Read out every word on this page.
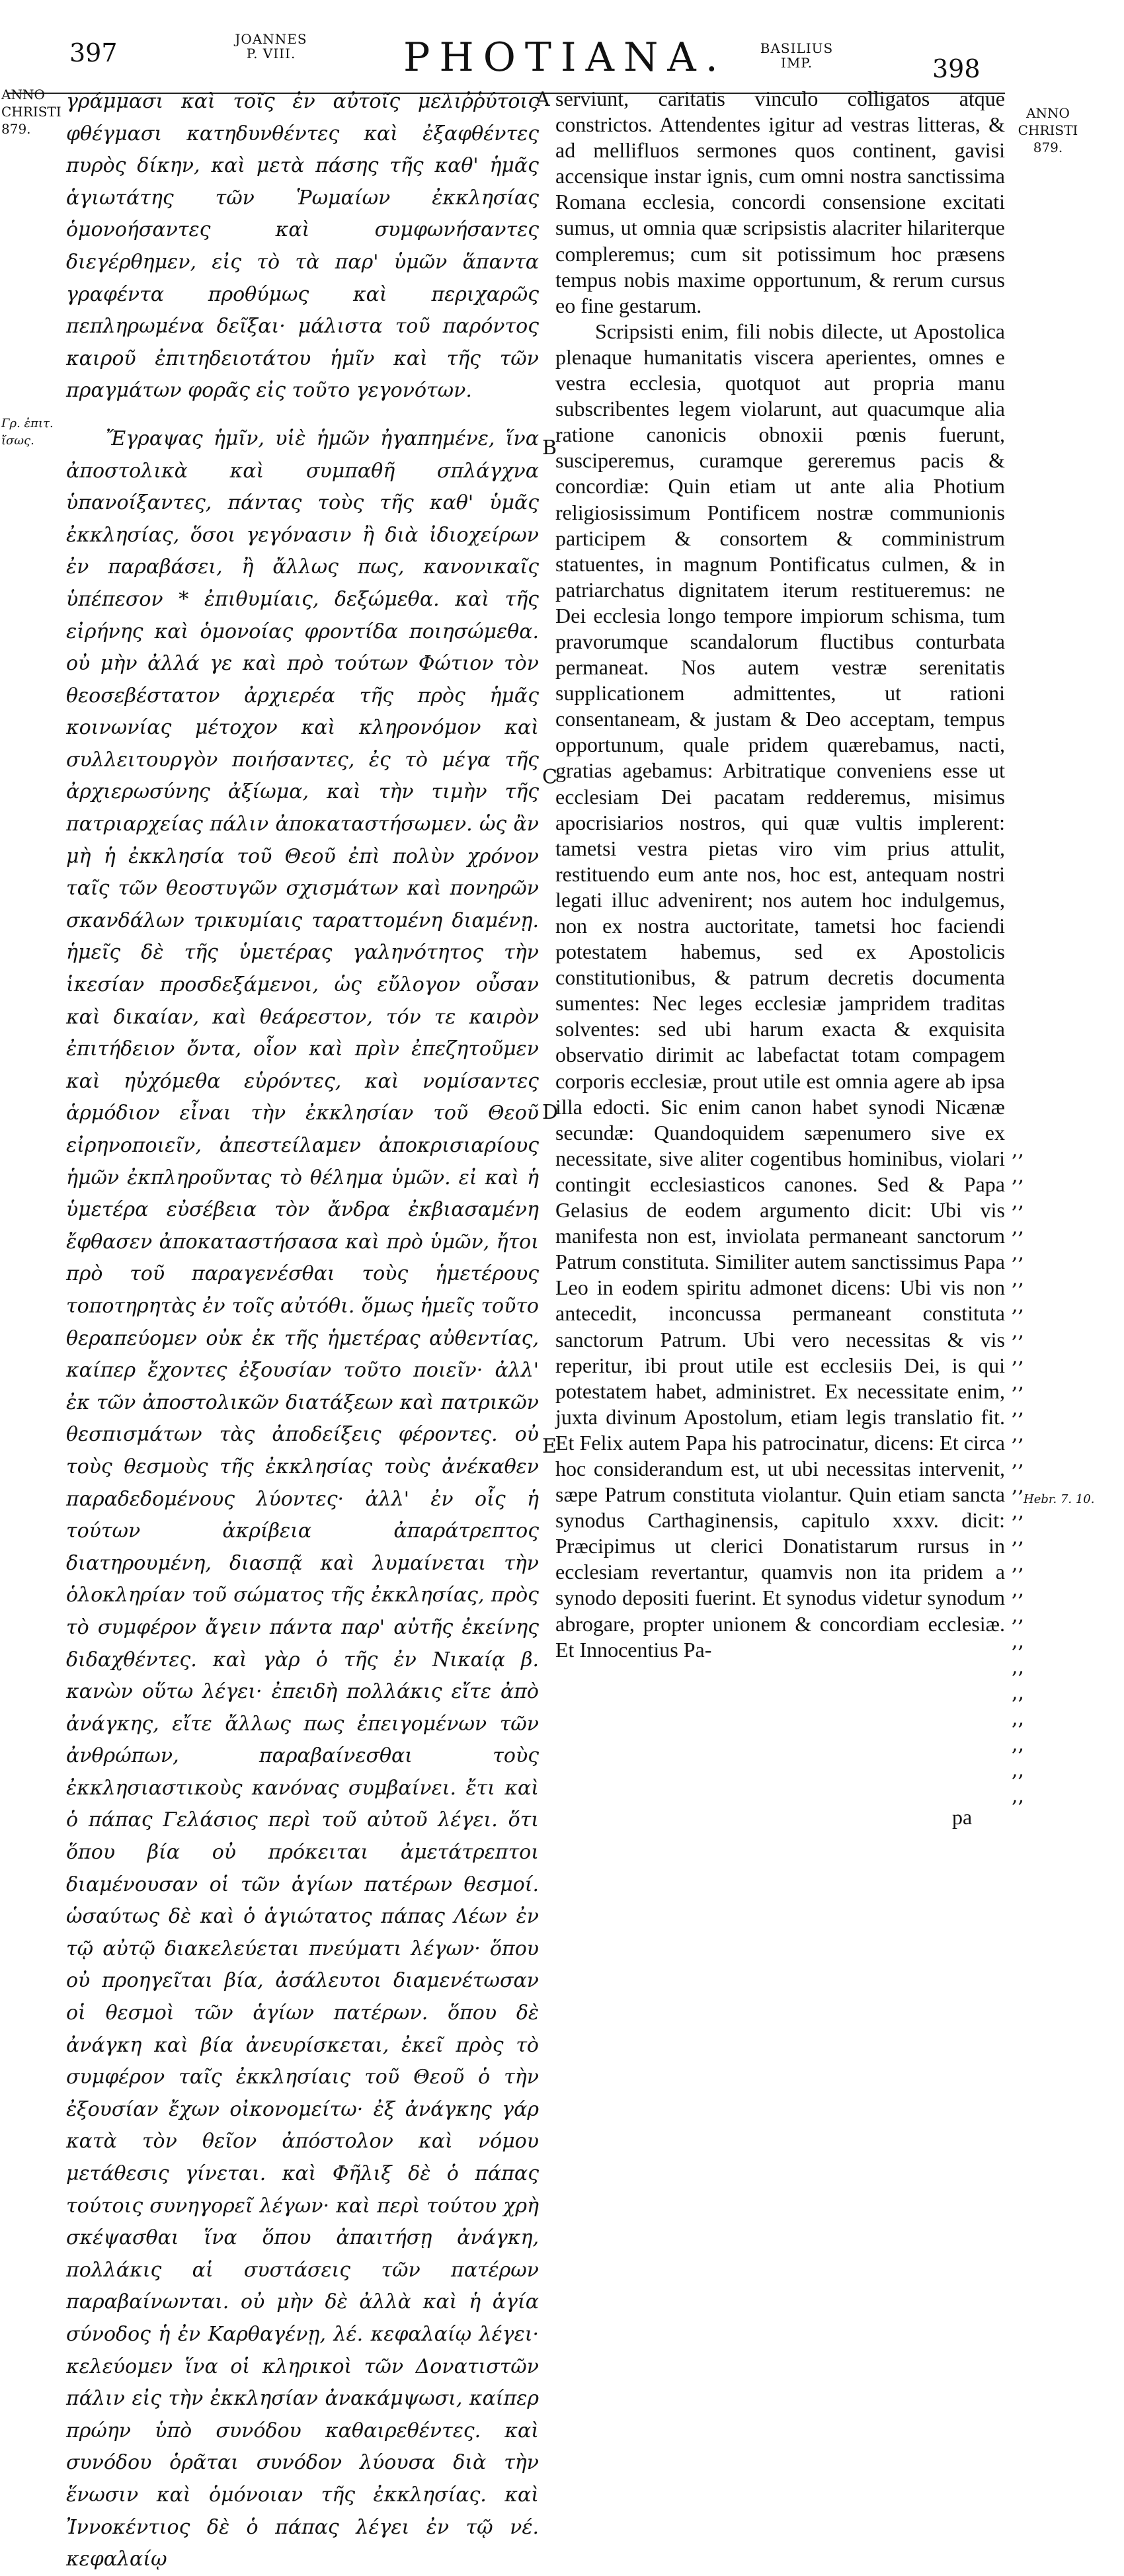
397	JOANNES
P. VIII.	PHOTIANA.	BASILIUS
IMP.	398
ANNO
CHRISTI
879.
Γρ. ἐπιτ.
ἴσως.
ANNO
CHRISTI
879.
Hebr. 7. 10.
A
B
C
D
E

γράμμασι καὶ τοῖς ἐν αὐτοῖς μελιῤῥύτοις φθέγμασι κατηδυνθέντες καὶ ἐξαφθέντες πυρὸς δίκην, καὶ μετὰ πάσης τῆς καθ' ἡμᾶς ἁγιωτάτης τῶν Ῥωμαίων ἐκκλησίας ὁμονοήσαντες καὶ συμφωνήσαντες διεγέρθημεν, εἰς τὸ τὰ παρ' ὑμῶν ἅπαντα γραφέντα προθύμως καὶ περιχαρῶς πεπληρωμένα δεῖξαι· μάλιστα τοῦ παρόντος καιροῦ ἐπιτηδειοτάτου ἡμῖν καὶ τῆς τῶν πραγμάτων φορᾶς εἰς τοῦτο γεγονότων.

Ἔγραψας ἡμῖν, υἱὲ ἡμῶν ἠγαπημένε, ἵνα ἀποστολικὰ καὶ συμπαθῆ σπλάγχνα ὑπανοίξαντες, πάντας τοὺς τῆς καθ' ὑμᾶς ἐκκλησίας, ὅσοι γεγόνασιν ἢ διὰ ἰδιοχείρων ἐν παραβάσει, ἢ ἄλλως πως, κανονικαῖς ὑπέπεσον * ἐπιθυμίαις, δεξώμεθα. καὶ τῆς εἰρήνης καὶ ὁμονοίας φροντίδα ποιησώμεθα. οὐ μὴν ἀλλά γε καὶ πρὸ τούτων Φώτιον τὸν θεοσεβέστατον ἀρχιερέα τῆς πρὸς ἡμᾶς κοινωνίας μέτοχον καὶ κληρονόμον καὶ συλλειτουργὸν ποιήσαντες, ἐς τὸ μέγα τῆς ἀρχιερωσύνης ἀξίωμα, καὶ τὴν τιμὴν τῆς πατριαρχείας πάλιν ἀποκαταστήσωμεν. ὡς ἂν μὴ ἡ ἐκκλησία τοῦ Θεοῦ ἐπὶ πολὺν χρόνον ταῖς τῶν θεοστυγῶν σχισμάτων καὶ πονηρῶν σκανδάλων τρικυμίαις ταραττομένη διαμένῃ. ἡμεῖς δὲ τῆς ὑμετέρας γαληνότητος τὴν ἱκεσίαν προσδεξάμενοι, ὡς εὔλογον οὖσαν καὶ δικαίαν, καὶ θεάρεστον, τόν τε καιρὸν ἐπιτήδειον ὄντα, οἷον καὶ πρὶν ἐπεζητοῦμεν καὶ ηὐχόμεθα εὑρόντες, καὶ νομίσαντες ἁρμόδιον εἶναι τὴν ἐκκλησίαν τοῦ Θεοῦ εἰρηνοποιεῖν, ἀπεστείλαμεν ἀποκρισιαρίους ἡμῶν ἐκπληροῦντας τὸ θέλημα ὑμῶν. εἰ καὶ ἡ ὑμετέρα εὐσέβεια τὸν ἄνδρα ἐκβιασαμένη ἔφθασεν ἀποκαταστήσασα καὶ πρὸ ὑμῶν, ἤτοι πρὸ τοῦ παραγενέσθαι τοὺς ἡμετέρους τοποτηρητὰς ἐν τοῖς αὐτόθι. ὅμως ἡμεῖς τοῦτο θεραπεύομεν οὐκ ἐκ τῆς ἡμετέρας αὐθεντίας, καίπερ ἔχοντες ἐξουσίαν τοῦτο ποιεῖν· ἀλλ' ἐκ τῶν ἀποστολικῶν διατάξεων καὶ πατρικῶν θεσπισμάτων τὰς ἀποδείξεις φέροντες. οὐ τοὺς θεσμοὺς τῆς ἐκκλησίας τοὺς ἀνέκαθεν παραδεδομένους λύοντες· ἀλλ' ἐν οἷς ἡ τούτων ἀκρίβεια ἀπαράτρεπτος διατηρουμένη, διασπᾷ καὶ λυμαίνεται τὴν ὁλοκληρίαν τοῦ σώματος τῆς ἐκκλησίας, πρὸς τὸ συμφέρον ἄγειν πάντα παρ' αὐτῆς ἐκείνης διδαχθέντες. καὶ γὰρ ὁ τῆς ἐν Νικαίᾳ β. κανὼν οὕτω λέγει· ἐπειδὴ πολλάκις εἴτε ἀπὸ ἀνάγκης, εἴτε ἄλλως πως ἐπειγομένων τῶν ἀνθρώπων, παραβαίνεσθαι τοὺς ἐκκλησιαστικοὺς κανόνας συμβαίνει. ἔτι καὶ ὁ πάπας Γελάσιος περὶ τοῦ αὐτοῦ λέγει. ὅτι ὅπου βία οὐ πρόκειται ἀμετάτρεπτοι διαμένουσαν οἱ τῶν ἁγίων πατέρων θεσμοί. ὡσαύτως δὲ καὶ ὁ ἁγιώτατος πάπας Λέων ἐν τῷ αὐτῷ διακελεύεται πνεύματι λέγων· ὅπου οὐ προηγεῖται βία, ἀσάλευτοι διαμενέτωσαν οἱ θεσμοὶ τῶν ἁγίων πατέρων. ὅπου δὲ ἀνάγκη καὶ βία ἀνευρίσκεται, ἐκεῖ πρὸς τὸ συμφέρον ταῖς ἐκκλησίαις τοῦ Θεοῦ ὁ τὴν ἐξουσίαν ἔχων οἰκονομείτω· ἐξ ἀνάγκης γάρ κατὰ τὸν θεῖον ἀπόστολον καὶ νόμου μετάθεσις γίνεται. καὶ Φῆλιξ δὲ ὁ πάπας τούτοις συνηγορεῖ λέγων· καὶ περὶ τούτου χρὴ σκέψασθαι ἵνα ὅπου ἀπαιτήσῃ ἀνάγκη, πολλάκις αἱ συστάσεις τῶν πατέρων παραβαίνωνται. οὐ μὴν δὲ ἀλλὰ καὶ ἡ ἁγία σύνοδος ἡ ἐν Καρθαγένῃ, λέ. κεφαλαίῳ λέγει· κελεύομεν ἵνα οἱ κληρικοὶ τῶν Δονατιστῶν πάλιν εἰς τὴν ἐκκλησίαν ἀνακάμψωσι, καίπερ πρώην ὑπὸ συνόδου καθαιρεθέντες. καὶ συνόδου ὁρᾶται συνόδον λύουσα διὰ τὴν ἕνωσιν καὶ ὁμόνοιαν τῆς ἐκκλησίας. καὶ Ἰννοκέντιος δὲ ὁ πάπας λέγει ἐν τῷ νέ. κεφαλαίῳ

serviunt, caritatis vinculo colligatos atque constrictos. Attendentes igitur ad vestras litteras, & ad mellifluos sermones quos continent, gavisi accensique instar ignis, cum omni nostra sanctissima Romana ecclesia, concordi consensione excitati sumus, ut omnia quæ scripsistis alacriter hilariterque compleremus; cum sit potissimum hoc præsens tempus nobis maxime opportunum, & rerum cursus eo fine gestarum.

Scripsisti enim, fili nobis dilecte, ut Apostolica plenaque humanitatis viscera aperientes, omnes e vestra ecclesia, quotquot aut propria manu subscribentes legem violarunt, aut quacumque alia ratione canonicis obnoxii pœnis fuerunt, susciperemus, curamque gereremus pacis & concordiæ: Quin etiam ut ante alia Photium religiosissimum Pontificem nostræ communionis participem & consortem & comministrum statuentes, in magnum Pontificatus culmen, & in patriarchatus dignitatem iterum restitueremus: ne Dei ecclesia longo tempore impiorum schisma, tum pravorumque scandalorum fluctibus conturbata permaneat. Nos autem vestræ serenitatis supplicationem admittentes, ut rationi consentaneam, & justam & Deo acceptam, tempus opportunum, quale pridem quærebamus, nacti, gratias agebamus: Arbitratique conveniens esse ut ecclesiam Dei pacatam redderemus, misimus apocrisiarios nostros, qui quæ vultis implerent: tametsi vestra pietas viro vim prius attulit, restituendo eum ante nos, hoc est, antequam nostri legati illuc advenirent; nos autem hoc indulgemus, non ex nostra auctoritate, tametsi hoc faciendi potestatem habemus, sed ex Apostolicis constitutionibus, & patrum decretis documenta sumentes: Nec leges ecclesiæ jampridem traditas solventes: sed ubi harum exacta & exquisita observatio dirimit ac labefactat totam compagem corporis ecclesiæ, prout utile est omnia agere ab ipsa illa edocti. Sic enim canon habet synodi Nicænæ secundæ: Quandoquidem sæpenumero sive ex necessitate, sive aliter cogentibus hominibus, violari contingit ecclesiasticos canones. Sed & Papa Gelasius de eodem argumento dicit: Ubi vis manifesta non est, inviolata permaneant sanctorum Patrum constituta. Similiter autem sanctissimus Papa Leo in eodem spiritu admonet dicens: Ubi vis non antecedit, inconcussa permaneant constituta sanctorum Patrum. Ubi vero necessitas & vis reperitur, ibi prout utile est ecclesiis Dei, is qui potestatem habet, administret. Ex necessitate enim, juxta divinum Apostolum, etiam legis translatio fit. Et Felix autem Papa his patrocinatur, dicens: Et circa hoc considerandum est, ut ubi necessitas intervenit, sæpe Patrum constituta violantur. Quin etiam sancta synodus Carthaginensis, capitulo xxxv. dicit: Præcipimus ut clerici Donatistarum rursus in ecclesiam revertantur, quamvis non ita pridem a synodo depositi fuerint. Et synodus videtur synodum abrogare, propter unionem & concordiam ecclesiæ. Et Innocentius Pa-

,,
,,
,,
,,
,,
,,
,,
,,
,,
,,
,,
,,
,,
,,
,,
,,
,,
,,
,,
,,
,,
,,
,,
,,
,,
,,
pa
